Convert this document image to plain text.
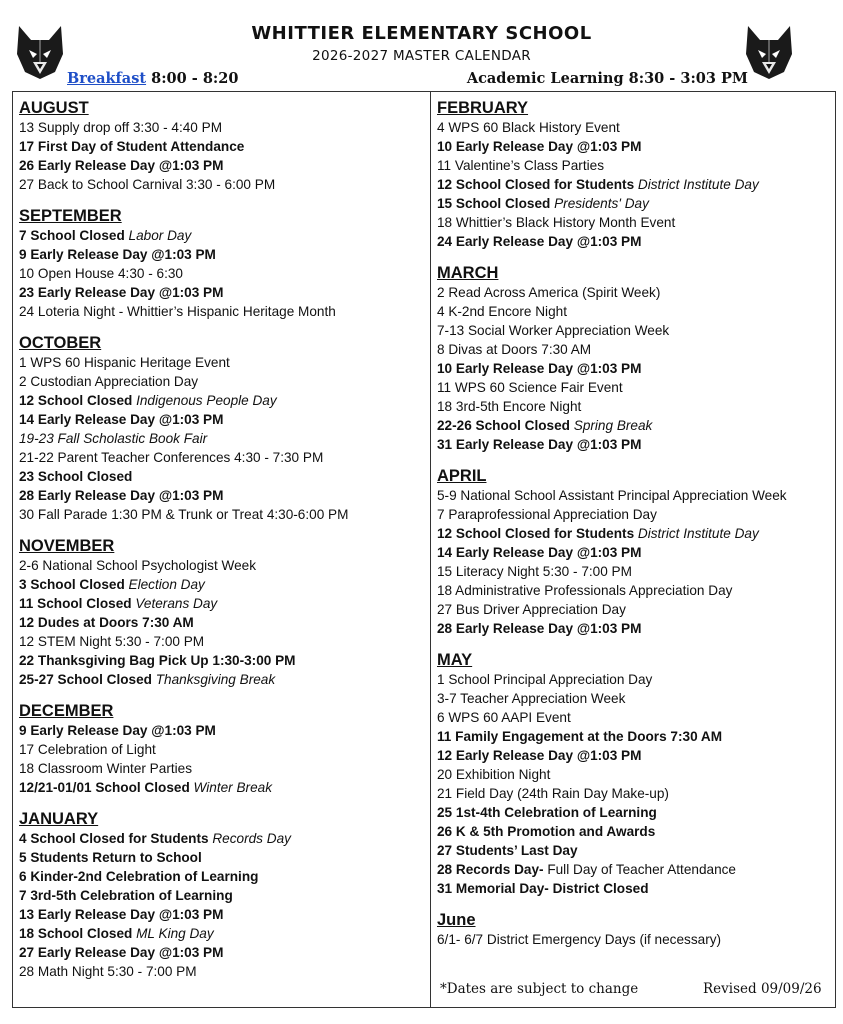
WHITTIER ELEMENTARY SCHOOL
2026-2027 MASTER CALENDAR
Breakfast 8:00 - 8:20	Academic Learning 8:30 - 3:03 PM
AUGUST
13 Supply drop off 3:30 - 4:40 PM
17 First Day of Student Attendance
26 Early Release Day @1:03 PM
27 Back to School Carnival 3:30 - 6:00 PM
SEPTEMBER
7 School Closed Labor Day
9 Early Release Day @1:03 PM
10 Open House 4:30 - 6:30
23 Early Release Day @1:03 PM
24 Loteria Night - Whittier’s Hispanic Heritage Month
OCTOBER
1 WPS 60 Hispanic Heritage Event
2 Custodian Appreciation Day
12 School Closed Indigenous People Day
14 Early Release Day @1:03 PM
19-23 Fall Scholastic Book Fair
21-22 Parent Teacher Conferences 4:30 - 7:30 PM
23 School Closed
28 Early Release Day @1:03 PM
30 Fall Parade 1:30 PM & Trunk or Treat 4:30-6:00 PM
NOVEMBER
2-6 National School Psychologist Week
3 School Closed Election Day
11 School Closed Veterans Day
12 Dudes at Doors 7:30 AM
12 STEM Night 5:30 - 7:00 PM
22 Thanksgiving Bag Pick Up 1:30-3:00 PM
25-27 School Closed Thanksgiving Break
DECEMBER
9 Early Release Day @1:03 PM
17 Celebration of Light
18 Classroom Winter Parties
12/21-01/01 School Closed Winter Break
JANUARY
4 School Closed for Students Records Day
5 Students Return to School
6 Kinder-2nd Celebration of Learning
7 3rd-5th Celebration of Learning
13 Early Release Day @1:03 PM
18 School Closed ML King Day
27 Early Release Day @1:03 PM
28 Math Night 5:30 - 7:00 PM
FEBRUARY
4 WPS 60 Black History Event
10 Early Release Day @1:03 PM
11 Valentine’s Class Parties
12 School Closed for Students District Institute Day
15 School Closed Presidents' Day
18 Whittier’s Black History Month Event
24 Early Release Day @1:03 PM
MARCH
2 Read Across America (Spirit Week)
4 K-2nd Encore Night
7-13 Social Worker Appreciation Week
8 Divas at Doors 7:30 AM
10 Early Release Day @1:03 PM
11 WPS 60 Science Fair Event
18 3rd-5th Encore Night
22-26 School Closed Spring Break
31 Early Release Day @1:03 PM
APRIL
5-9 National School Assistant Principal Appreciation Week
7 Paraprofessional Appreciation Day
12 School Closed for Students District Institute Day
14 Early Release Day @1:03 PM
15 Literacy Night 5:30 - 7:00 PM
18 Administrative Professionals Appreciation Day
27 Bus Driver Appreciation Day
28 Early Release Day @1:03 PM
MAY
1 School Principal Appreciation Day
3-7 Teacher Appreciation Week
6 WPS 60 AAPI Event
11 Family Engagement at the Doors 7:30 AM
12 Early Release Day @1:03 PM
20 Exhibition Night
21 Field Day (24th Rain Day Make-up)
25 1st-4th Celebration of Learning
26 K & 5th Promotion and Awards
27 Students’ Last Day
28 Records Day- Full Day of Teacher Attendance
31 Memorial Day- District Closed
June
6/1- 6/7 District Emergency Days (if necessary)
*Dates are subject to change	Revised 09/09/26
